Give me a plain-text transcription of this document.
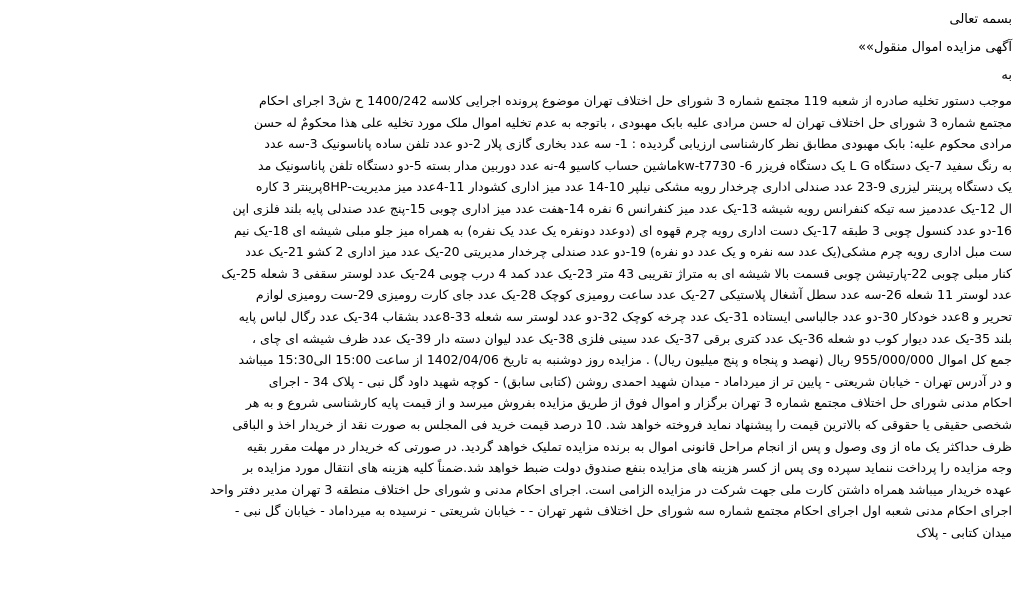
بسمه تعالی
آگهی مزایده اموال منقول»»
به
موجب دستور تخلیه صادره از شعبه 119 مجتمع شماره 3 شورای حل اختلاف تهران موضوع پرونده اجرایی کلاسه 1400/242 ح ش3 اجرای احکام
مجتمع شماره 3 شورای حل اختلاف تهران له حسن مرادی علیه بابک مهبودی ، باتوجه به عدم تخلیه اموال ملک مورد تخلیه علی هذا محکومٌ له حسن
مرادی محکوم علیه: بابک مهبودی مطابق نظر کارشناسی ارزیابی گردیده : 1- سه عدد بخاری گازی پلار 2-دو عدد تلفن ساده پاناسونیک 3-سه عدد
به رنگ سفید 7-یک دستگاه L G یک دستگاه فریزر 6- kw-t7730ماشین حساب کاسیو 4-نه عدد دوربین مدار بسته 5-دو دستگاه تلفن پاناسونیک مد
یک دستگاه پرینتر لیزری 9-23 عدد صندلی اداری چرخدار رویه مشکی نیلپر 10-14 عدد میز اداری کشودار 11-4عدد میز مدیریت-8HPپرینتر 3 کاره
ال 12-یک عددمیز سه تیکه کنفرانس رویه شیشه 13-یک عدد میز کنفرانس 6 نفره 14-هفت عدد میز اداری چوبی 15-پنج عدد صندلی پایه بلند فلزی اپن
16-دو عدد کنسول چوبی 3 طبقه 17-یک دست اداری رویه چرم قهوه ای (دوعدد دونفره یک عدد یک نفره) به همراه میز جلو مبلی شیشه ای 18-یک نیم
ست مبل اداری رویه چرم مشکی(یک عدد سه نفره و یک عدد دو نفره) 19-دو عدد صندلی چرخدار مدیریتی 20-یک عدد میز اداری 2 کشو 21-یک عدد
کنار مبلی چوبی 22-پارتیشن چوبی قسمت بالا شیشه ای به متراژ تقریبی 43 متر 23-یک عدد کمد 4 درب چوبی 24-یک عدد لوستر سقفی 3 شعله 25-یک
عدد لوستر 11 شعله 26-سه عدد سطل آشغال پلاستیکی 27-یک عدد ساعت رومیزی کوچک 28-یک عدد جای کارت رومیزی 29-ست رومیزی لوازم
تحریر و 8عدد خودکار 30-دو عدد جالباسی ایستاده 31-یک عدد چرخه کوچک 32-دو عدد لوستر سه شعله 33-8عدد بشقاب 34-یک عدد رگال لباس پایه
بلند 35-یک عدد دیوار کوب دو شعله 36-یک عدد کتری برقی 37-یک عدد سینی فلزی 38-یک عدد لیوان دسته دار 39-یک عدد ظرف شیشه ای چای ،
جمع کل اموال 955/000/000 ریال (نهصد و پنجاه و پنج میلیون ریال) . مزایده روز دوشنبه به تاریخ 1402/04/06 از ساعت 15:00 الی15:30 میباشد
و در آدرس تهران - خیابان شریعتی - پایین تر از میرداماد - میدان شهید احمدی روشن (کتابی سابق) - کوچه شهید داود گل نبی - پلاک 34 - اجرای
احکام مدنی شورای حل اختلاف مجتمع شماره 3 تهران برگزار و اموال فوق از طریق مزایده بفروش میرسد و از قیمت پایه کارشناسی شروع و به هر
شخصی حقیقی یا حقوقی که بالاترین قیمت را پیشنهاد نماید فروخته خواهد شد. 10 درصد قیمت خرید فی المجلس به صورت نقد از خریدار اخذ و الباقی
ظرف حداکثر یک ماه از وی وصول و پس از انجام مراحل قانونی اموال به برنده مزایده تملیک خواهد گردید. در صورتی که خریدار در مهلت مقرر بقیه
وجه مزایده را پرداخت ننماید سپرده وی پس از کسر هزینه های مزایده بنفع صندوق دولت ضبط خواهد شد.ضمناً کلیه هزینه های انتقال مورد مزایده بر
عهده خریدار میباشد همراه داشتن کارت ملی جهت شرکت در مزایده الزامی است. اجرای احکام مدنی و شورای حل اختلاف منطقه 3 تهران مدیر دفتر واحد
اجرای احکام مدنی شعبه اول اجرای احکام مجتمع شماره سه شورای حل اختلاف شهر تهران - - خیابان شریعتی - نرسیده به میرداماد - خیابان گل نبی -
میدان کتابی - پلاک
